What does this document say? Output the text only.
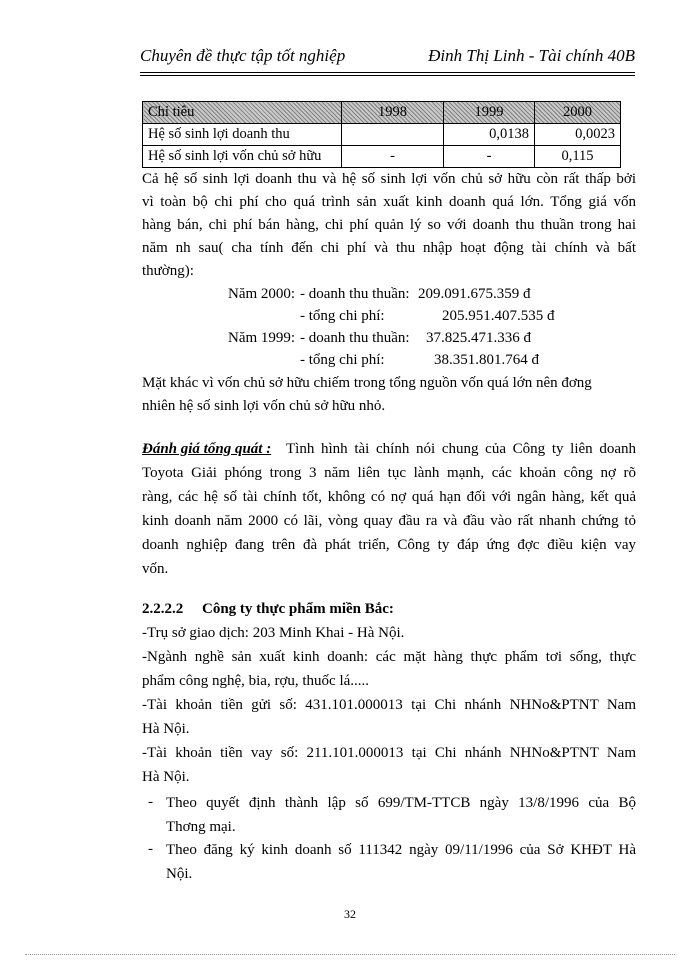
Chuyên đề thực tập tốt nghiệp	Đinh Thị Linh - Tài chính 40B
Chỉ tiêu	1998	1999	2000
Hệ số sinh lợi doanh thu		0,0138	0,0023
Hệ số sinh lợi vốn chủ sở hữu	-	-	0,115
Cả hệ số sinh lợi doanh thu và hệ số sinh lợi vốn chủ sở hữu còn rất thấp bởi
vì toàn bộ chi phí cho quá trình sản xuất kinh doanh quá lớn. Tổng giá vốn
hàng bán, chi phí bán hàng, chi phí quản lý so với doanh thu thuần trong hai
năm nh sau( cha tính đến chi phí và thu nhập hoạt động tài chính và bất
thường):
Năm 2000: - doanh thu thuần: 209.091.675.359 đ
- tổng chi phí:	205.951.407.535 đ
Năm 1999: - doanh thu thuần: 37.825.471.336 đ
- tổng chi phí:	38.351.801.764 đ
Mặt khác vì vốn chủ sở hữu chiếm trong tổng nguồn vốn quá lớn nên đơng
nhiên hệ số sinh lợi vốn chủ sở hữu nhỏ.
Đánh giá tổng quát : Tình hình tài chính nói chung của Công ty liên doanh
Toyota Giải phóng trong 3 năm liên tục lành mạnh, các khoản công nợ rõ
ràng, các hệ số tài chính tốt, không có nợ quá hạn đối với ngân hàng, kết quả
kinh doanh năm 2000 có lãi, vòng quay đầu ra và đầu vào rất nhanh chứng tỏ
doanh nghiệp đang trên đà phát triển, Công ty đáp ứng đợc điều kiện vay
vốn.
2.2.2.2 Công ty thực phẩm miền Bắc:
-Trụ sở giao dịch: 203 Minh Khai - Hà Nội.
-Ngành nghề sản xuất kinh doanh: các mặt hàng thực phẩm tơi sống, thực
phẩm công nghệ, bia, rợu, thuốc lá.....
-Tài khoản tiền gửi số: 431.101.000013 tại Chi nhánh NHNo&PTNT Nam
Hà Nội.
-Tài khoản tiền vay số: 211.101.000013 tại Chi nhánh NHNo&PTNT Nam
Hà Nội.
- Theo quyết định thành lập số 699/TM-TTCB ngày 13/8/1996 của Bộ
Thơng mại.
- Theo đăng ký kinh doanh số 111342 ngày 09/11/1996 của Sở KHĐT Hà
Nội.
32
